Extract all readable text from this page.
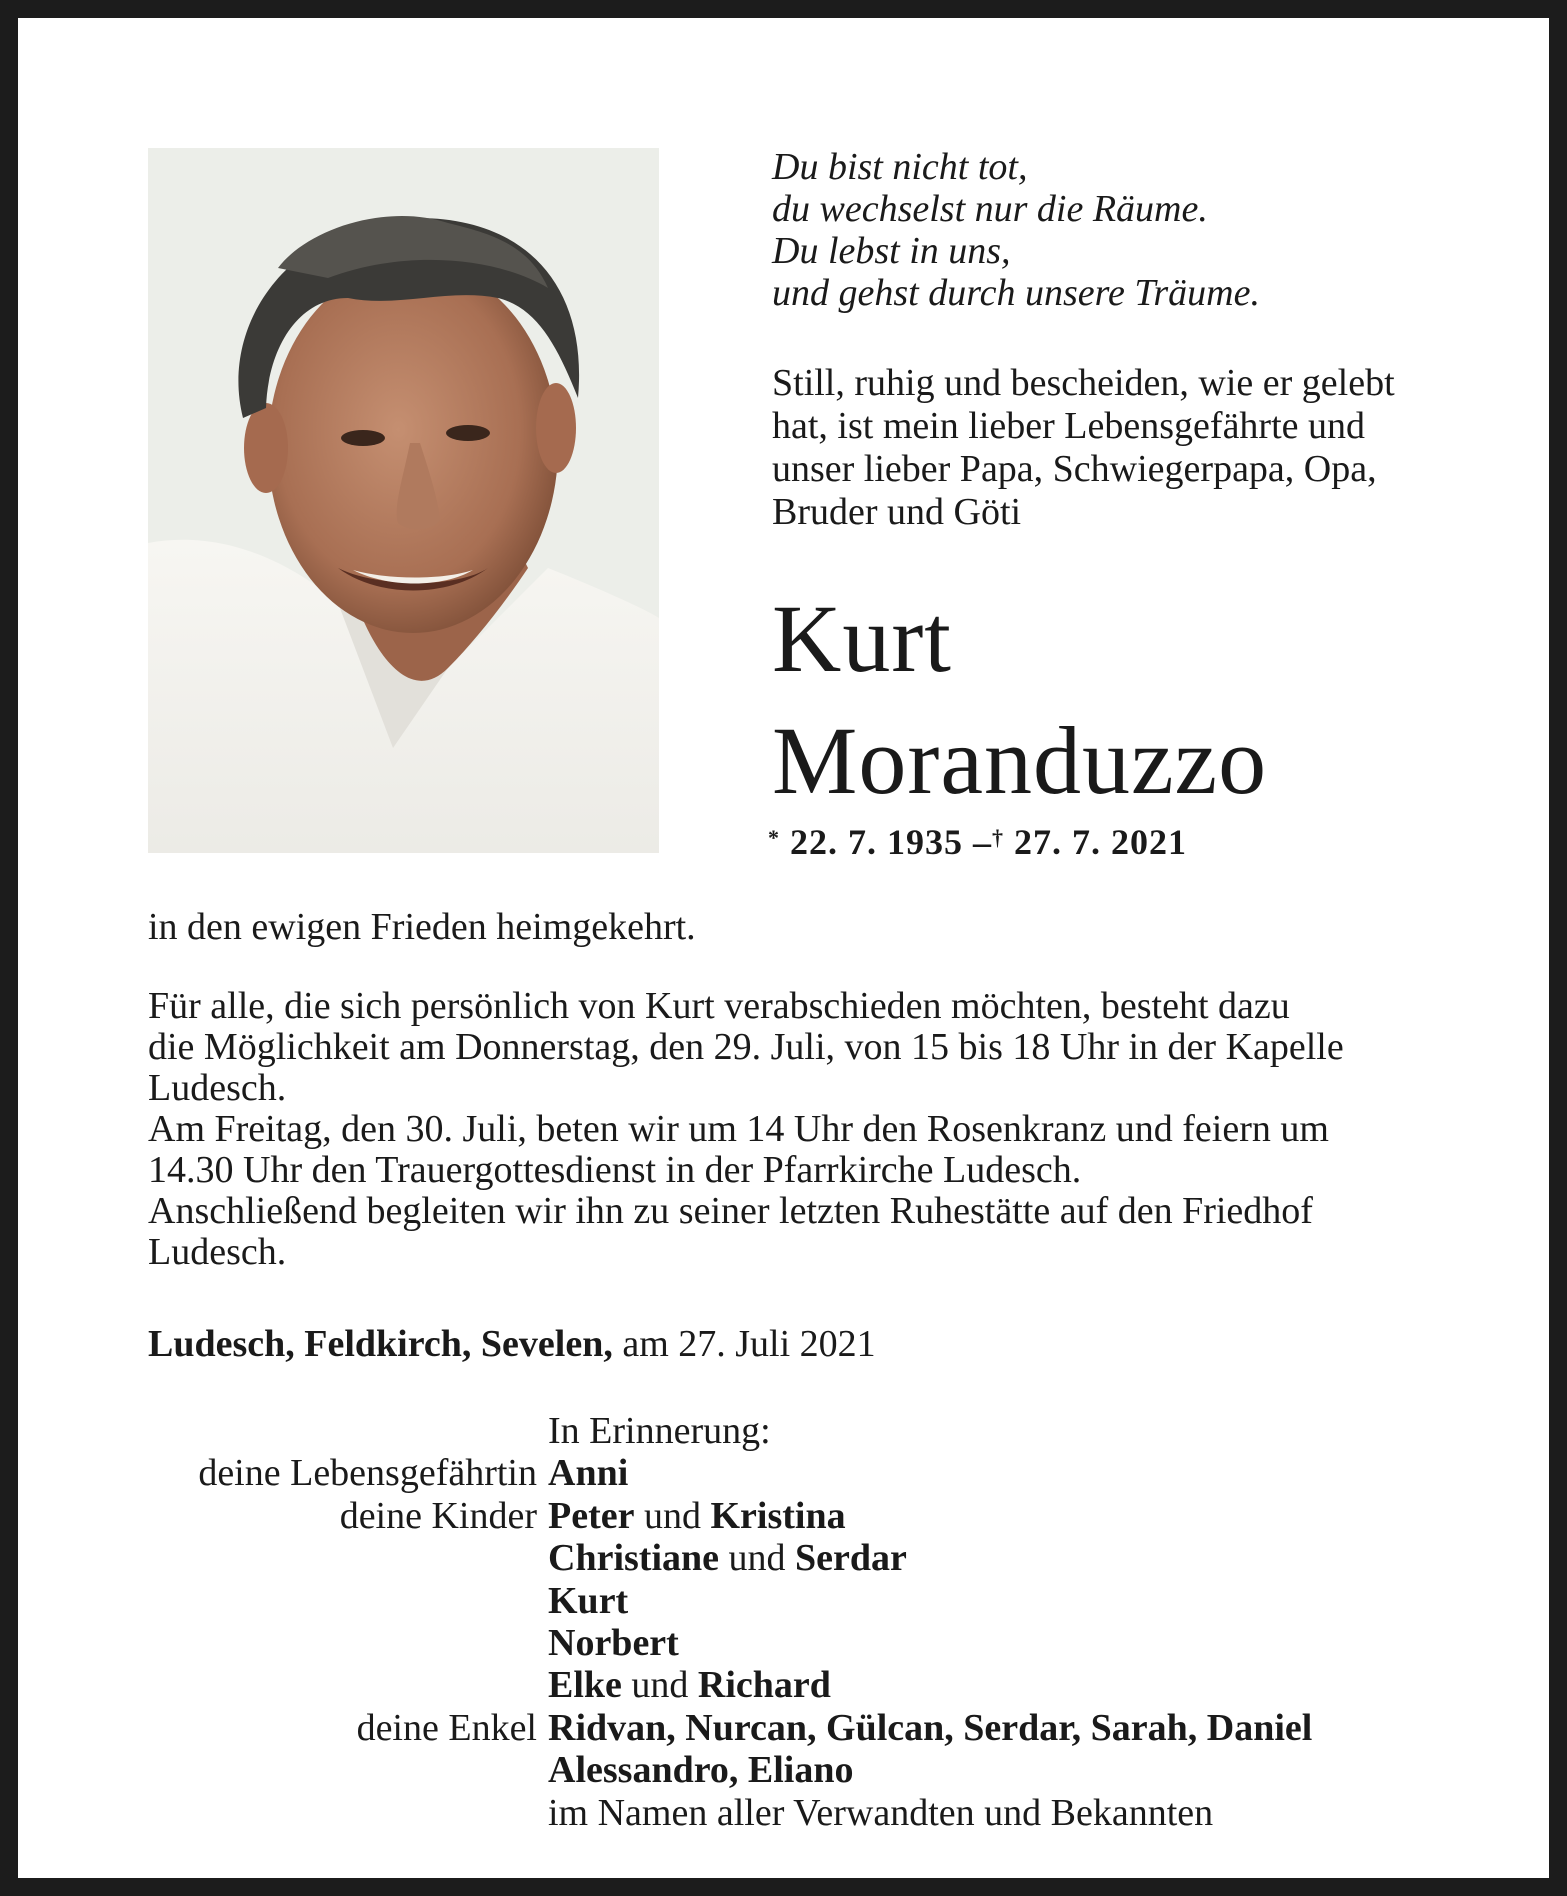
Du bist nicht tot,
du wechselst nur die Räume.
Du lebst in uns,
und gehst durch unsere Träume.
Still, ruhig und bescheiden, wie er gelebt
hat, ist mein lieber Lebensgefährte und
unser lieber Papa, Schwiegerpapa, Opa,
Bruder und Göti
Kurt
Moranduzzo
* 22. 7. 1935 –† 27. 7. 2021
in den ewigen Frieden heimgekehrt.
Für alle, die sich persönlich von Kurt verabschieden möchten, besteht dazu
die Möglichkeit am Donnerstag, den 29. Juli, von 15 bis 18 Uhr in der Kapelle
Ludesch.
Am Freitag, den 30. Juli, beten wir um 14 Uhr den Rosenkranz und feiern um
14.30 Uhr den Trauergottesdienst in der Pfarrkirche Ludesch.
Anschließend begleiten wir ihn zu seiner letzten Ruhestätte auf den Friedhof
Ludesch.
Ludesch, Feldkirch, Sevelen, am 27. Juli 2021
In Erinnerung:
deine Lebensgefährtin Anni
deine Kinder Peter und Kristina
Christiane und Serdar
Kurt
Norbert
Elke und Richard
deine Enkel Ridvan, Nurcan, Gülcan, Serdar, Sarah, Daniel
Alessandro, Eliano
im Namen aller Verwandten und Bekannten
